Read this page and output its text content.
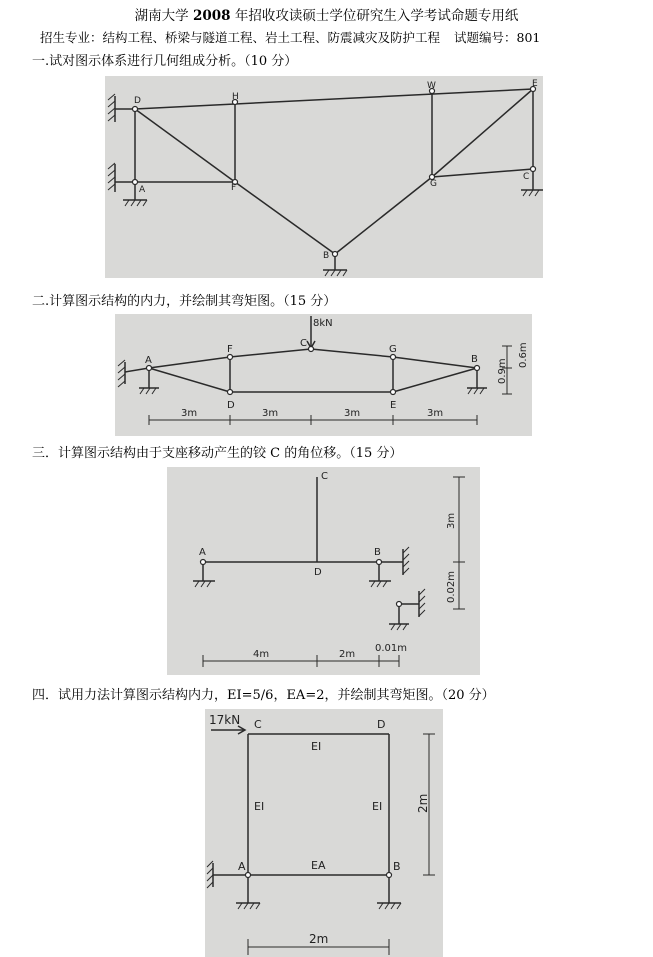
湖南大学 2008 年招收攻读硕士学位研究生入学考试命题专用纸
招生专业：结构工程、桥梁与隧道工程、岩土工程、防震减灾及防护工程 试题编号：801
一.试对图示体系进行几何组成分析。（10 分）
D	H
W	E
A	F	G
C
B
二.计算图示结构的内力，并绘制其弯矩图。（15 分）
8kN
A
F
C
G
B
D	E
3m	3m	3m	3m
0.9m
0.6m
三．计算图示结构由于支座移动产生的铰 C 的角位移。（15 分）
C
A
D
B
3m
0.02m
4m	2m
0.01m
四．试用力法计算图示结构内力，EI=5/6，EA=2，并绘制其弯矩图。（20 分）
17kN C	D
A	B
EI
EI	EI
EA
2m
2m
